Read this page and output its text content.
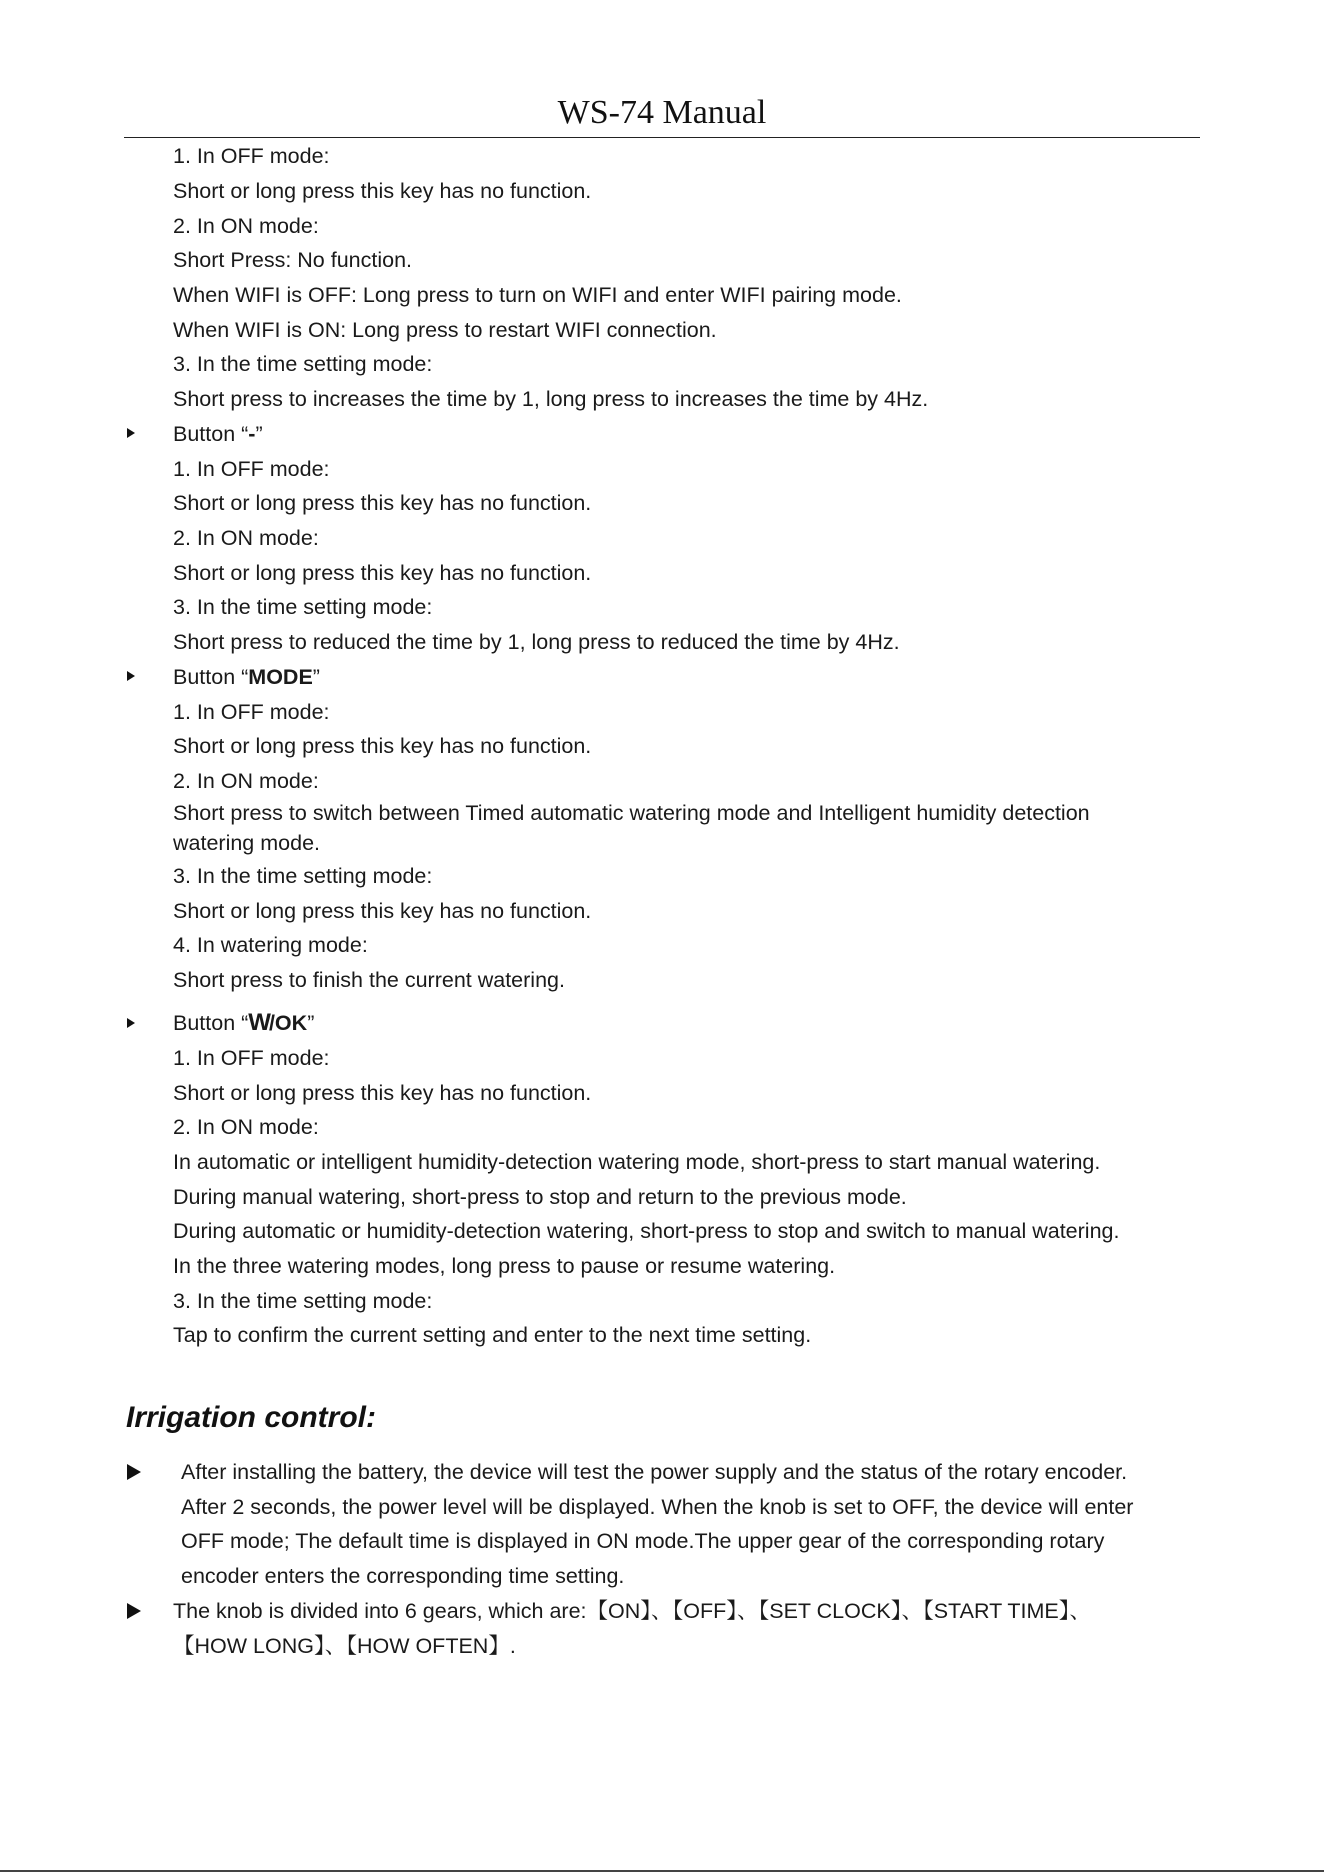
WS-74 Manual
1. In OFF mode:
Short or long press this key has no function.
2. In ON mode:
Short Press: No function.
When WIFI is OFF: Long press to turn on WIFI and enter WIFI pairing mode.
When WIFI is ON: Long press to restart WIFI connection.
3. In the time setting mode:
Short press to increases the time by 1, long press to increases the time by 4Hz.
Button “-”
1. In OFF mode:
Short or long press this key has no function.
2. In ON mode:
Short or long press this key has no function.
3. In the time setting mode:
Short press to reduced the time by 1, long press to reduced the time by 4Hz.
Button “MODE”
1. In OFF mode:
Short or long press this key has no function.
2. In ON mode:
Short press to switch between Timed automatic watering mode and Intelligent humidity detection
watering mode.
3. In the time setting mode:
Short or long press this key has no function.
4. In watering mode:
Short press to finish the current watering.
Button “W/OK”
1. In OFF mode:
Short or long press this key has no function.
2. In ON mode:
In automatic or intelligent humidity-detection watering mode, short-press to start manual watering.
During manual watering, short-press to stop and return to the previous mode.
During automatic or humidity-detection watering, short-press to stop and switch to manual watering.
In the three watering modes, long press to pause or resume watering.
3. In the time setting mode:
Tap to confirm the current setting and enter to the next time setting.
Irrigation control:
After installing the battery, the device will test the power supply and the status of the rotary encoder.
After 2 seconds, the power level will be displayed. When the knob is set to OFF, the device will enter
OFF mode; The default time is displayed in ON mode.The upper gear of the corresponding rotary
encoder enters the corresponding time setting.
The knob is divided into 6 gears, which are:【ON】、【OFF】、【SET CLOCK】、【START TIME】、
【HOW LONG】、【HOW OFTEN】.
